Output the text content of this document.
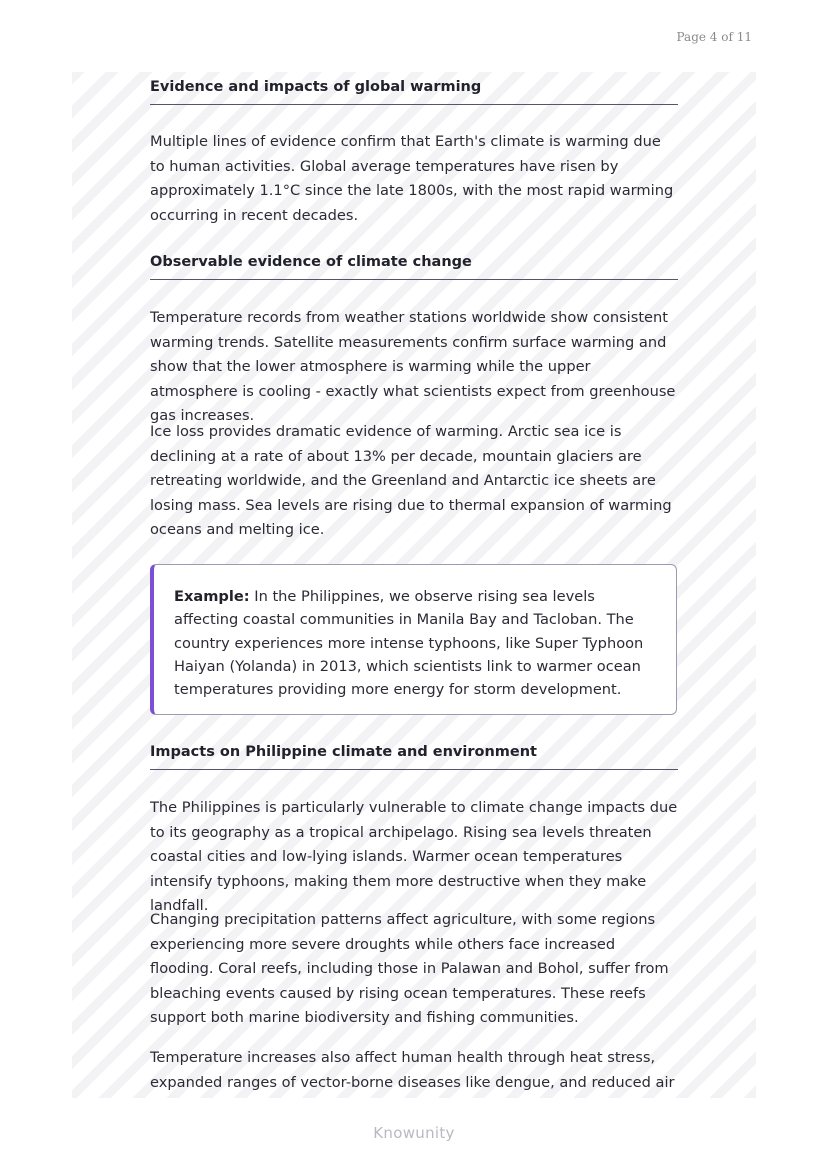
Page 4 of 11
Evidence and impacts of global warming
Multiple lines of evidence confirm that Earth's climate is warming due to human activities. Global average temperatures have risen by approximately 1.1°C since the late 1800s, with the most rapid warming occurring in recent decades.
Observable evidence of climate change
Temperature records from weather stations worldwide show consistent warming trends. Satellite measurements confirm surface warming and show that the lower atmosphere is warming while the upper atmosphere is cooling - exactly what scientists expect from greenhouse gas increases.
Ice loss provides dramatic evidence of warming. Arctic sea ice is declining at a rate of about 13% per decade, mountain glaciers are retreating worldwide, and the Greenland and Antarctic ice sheets are losing mass. Sea levels are rising due to thermal expansion of warming oceans and melting ice.
Impacts on Philippine climate and environment
The Philippines is particularly vulnerable to climate change impacts due to its geography as a tropical archipelago. Rising sea levels threaten coastal cities and low-lying islands. Warmer ocean temperatures intensify typhoons, making them more destructive when they make landfall.
Changing precipitation patterns affect agriculture, with some regions experiencing more severe droughts while others face increased flooding. Coral reefs, including those in Palawan and Bohol, suffer from bleaching events caused by rising ocean temperatures. These reefs support both marine biodiversity and fishing communities.
Temperature increases also affect human health through heat stress, expanded ranges of vector-borne diseases like dengue, and reduced air
Example: In the Philippines, we observe rising sea levels affecting coastal communities in Manila Bay and Tacloban. The country experiences more intense typhoons, like Super Typhoon Haiyan (Yolanda) in 2013, which scientists link to warmer ocean temperatures providing more energy for storm development.
Knowunity
